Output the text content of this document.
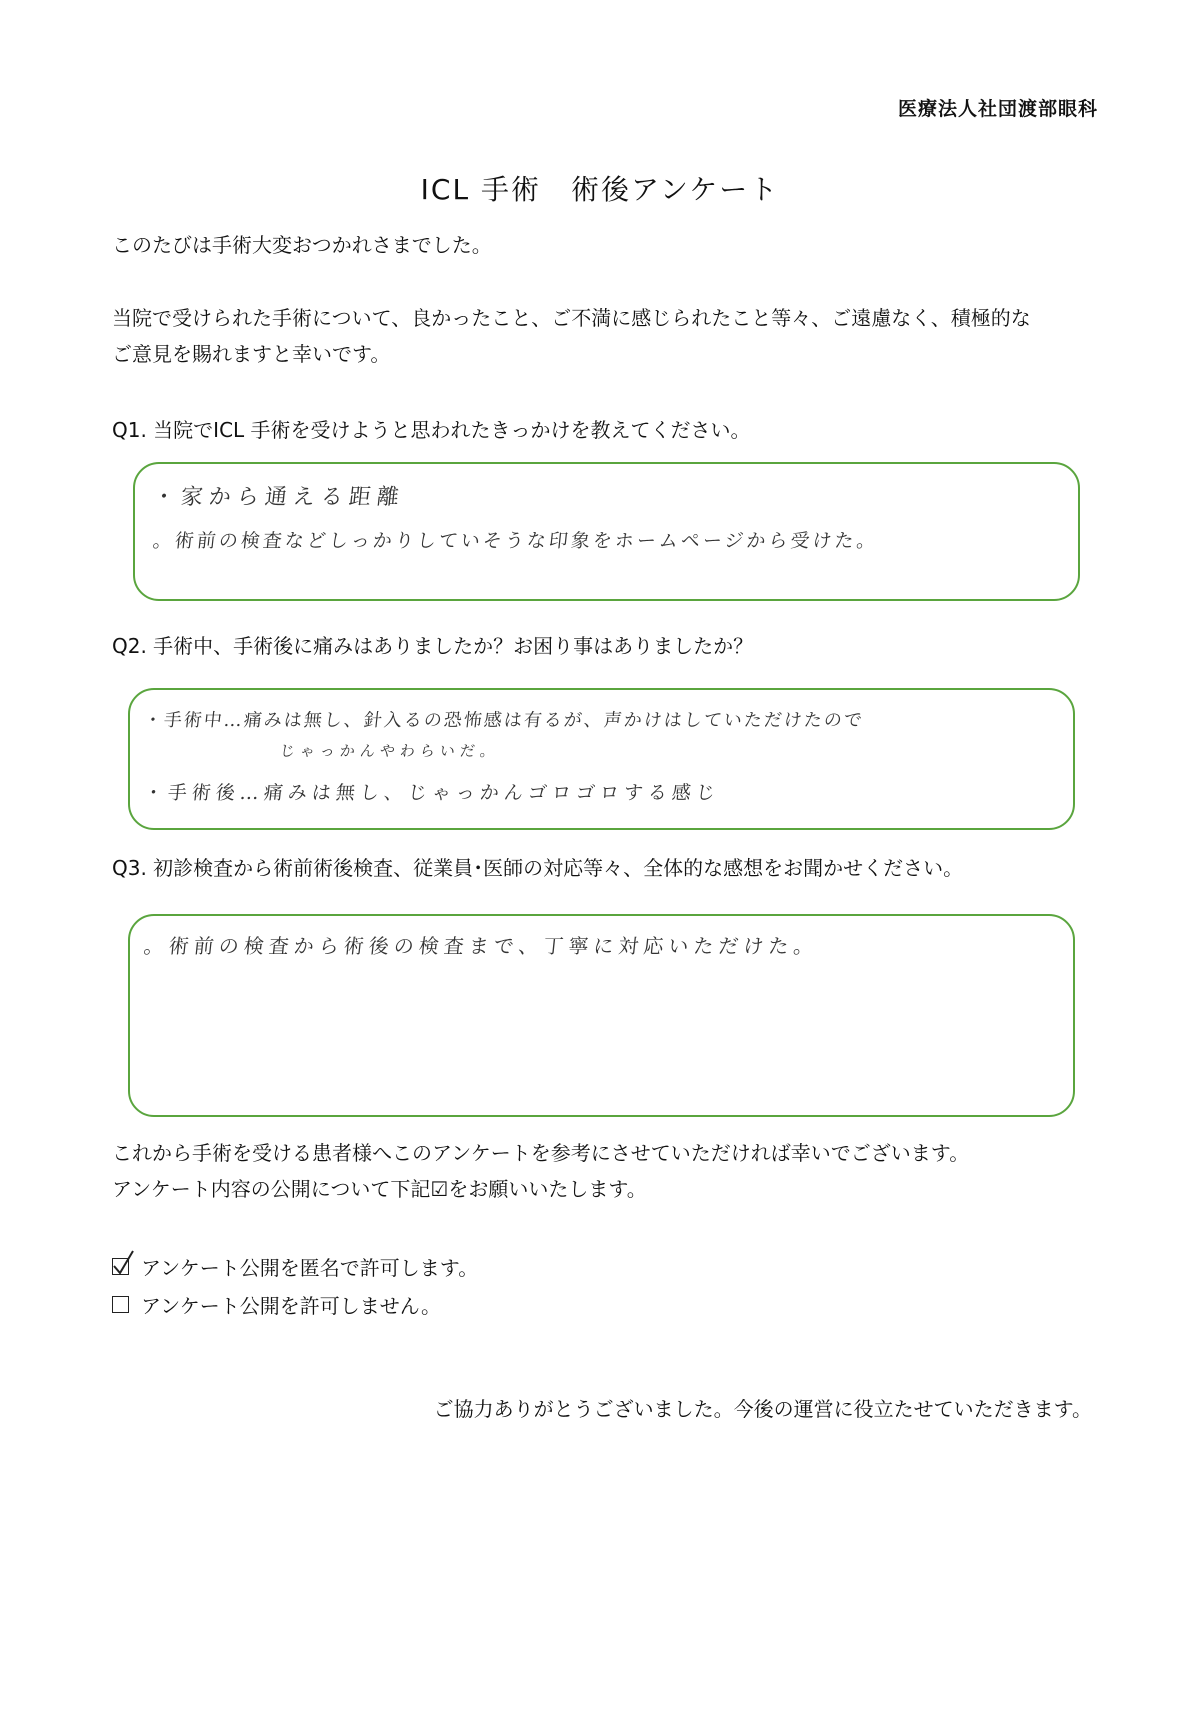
医療法人社団渡部眼科
ICL 手術　術後アンケート
このたびは手術大変おつかれさまでした。
当院で受けられた手術について、良かったこと、ご不満に感じられたこと等々、ご遠慮なく、積極的な
ご意見を賜れますと幸いです。
Q1. 当院でICL 手術を受けようと思われたきっかけを教えてください。
・家から通える距離
。術前の検査などしっかりしていそうな印象をホームページから受けた。
Q2. 手術中、手術後に痛みはありましたか？お困り事はありましたか？
・手術中…痛みは無し、針入るの恐怖感は有るが、声かけはしていただけたので
じゃっかんやわらいだ。
・手術後…痛みは無し、じゃっかんゴロゴロする感じ
Q3. 初診検査から術前術後検査、従業員･医師の対応等々、全体的な感想をお聞かせください。
。術前の検査から術後の検査まで、丁寧に対応いただけた。
これから手術を受ける患者様へこのアンケートを参考にさせていただければ幸いでございます。
アンケート内容の公開について下記☑をお願いいたします。
アンケート公開を匿名で許可します。
アンケート公開を許可しません。
ご協力ありがとうございました。今後の運営に役立たせていただきます。
